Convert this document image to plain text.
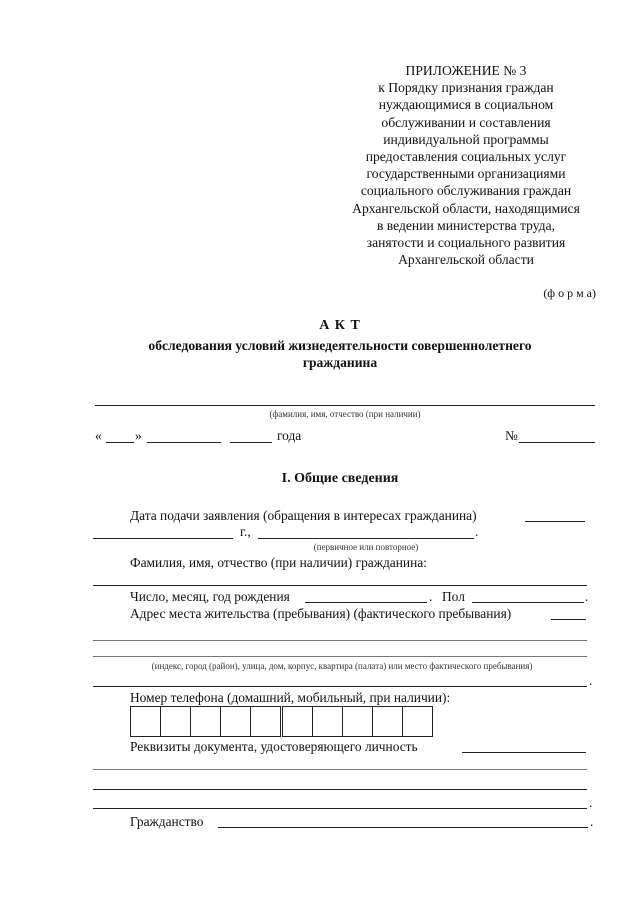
ПРИЛОЖЕНИЕ № 3
к Порядку признания граждан
нуждающимися в социальном
обслуживании и составления
индивидуальной программы
предоставления социальных услуг
государственными организациями
социального обслуживания граждан
Архангельской области, находящимися
в ведении министерства труда,
занятости и социального развития
Архангельской области
(ф о р м а)
А К Т
обследования условий жизнедеятельности совершеннолетнего
гражданина
(фамилия, имя, отчество (при наличии)
« »	года	№
I. Общие сведения
Дата подачи заявления (обращения в интересах гражданина)
г.,	.
(первичное или повторное)
Фамилия, имя, отчество (при наличии) гражданина:
Число, месяц, год рождения	. Пол	.
Адрес места жительства (пребывания) (фактического пребывания)
(индекс, город (район), улица, дом, корпус, квартира (палата) или место фактического пребывания)
.
Номер телефона (домашний, мобильный, при наличии):
Реквизиты документа, удостоверяющего личность
.
Гражданство	.
